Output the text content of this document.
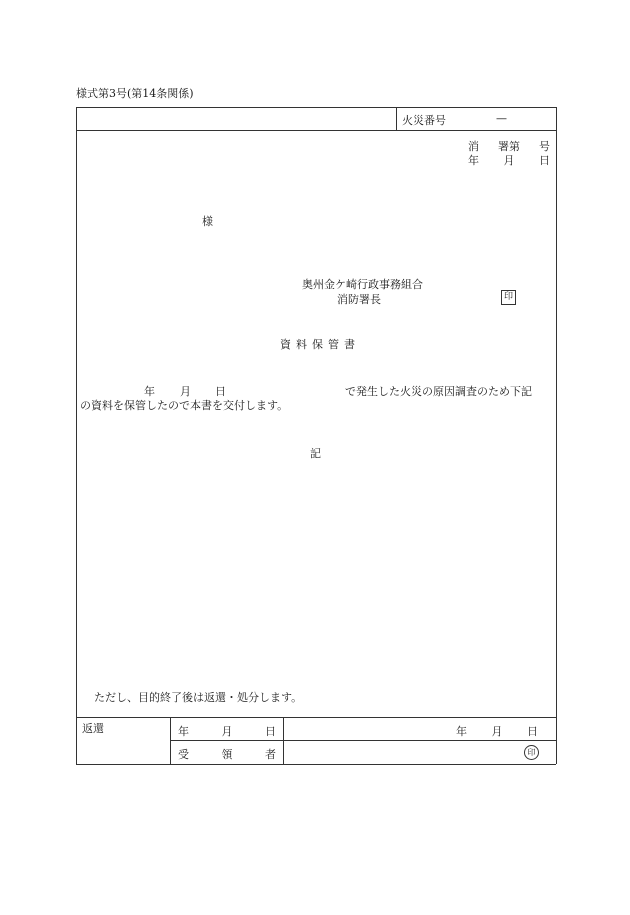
様式第3号(第14条関係)
火災番号	—
消 署第 号
年 月 日
様
奥州金ケ崎行政事務組合
消防署長	印
資料保管書
年 月 日	で発生した火災の原因調査のため下記
の資料を保管したので本書を交付します。
記
ただし、目的終了後は返還・処分します。
返還	年	月	日	年 月 日
受	領	者	印
